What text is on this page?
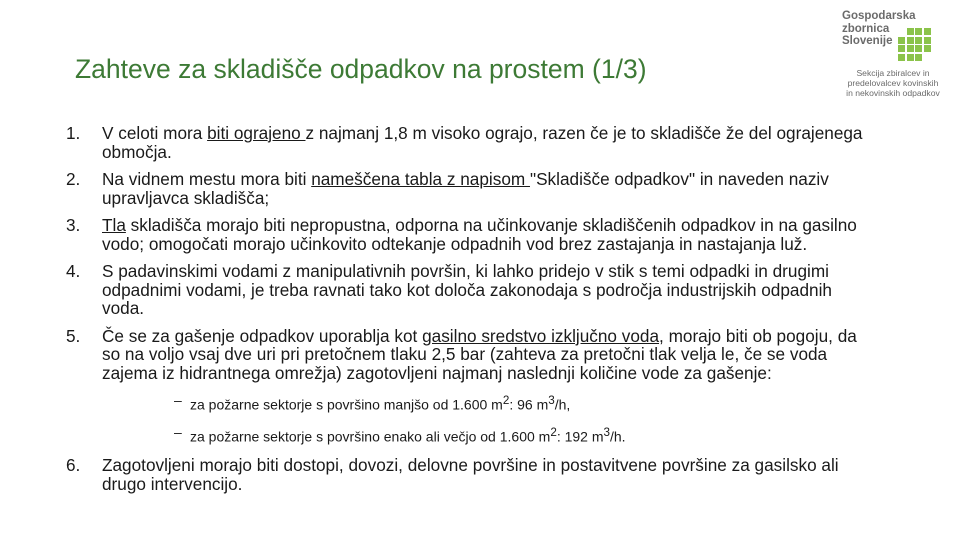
Zahteve za skladišče odpadkov na prostem (1/3)
Gospodarska
zbornica
Slovenije
Sekcija zbiralcev in
predelovalcev kovinskih
in nekovinskih odpadkov
1. V celoti mora biti ograjeno z najmanj 1,8 m visoko ograjo, razen če je to skladišče že del ograjenega območja.
2. Na vidnem mestu mora biti nameščena tabla z napisom "Skladišče odpadkov" in naveden naziv upravljavca skladišča;
3. Tla skladišča morajo biti nepropustna, odporna na učinkovanje skladiščenih odpadkov in na gasilno vodo; omogočati morajo učinkovito odtekanje odpadnih vod brez zastajanja in nastajanja luž.
4. S padavinskimi vodami z manipulativnih površin, ki lahko pridejo v stik s temi odpadki in drugimi odpadnimi vodami, je treba ravnati tako kot določa zakonodaja s področja industrijskih odpadnih voda.
5. Če se za gašenje odpadkov uporablja kot gasilno sredstvo izključno voda, morajo biti ob pogoju, da so na voljo vsaj dve uri pri pretočnem tlaku 2,5 bar (zahteva za pretočni tlak velja le, če se voda zajema iz hidrantnega omrežja) zagotovljeni najmanj naslednji količine vode za gašenje:
– za požarne sektorje s površino manjšo od 1.600 $m^2$: 96 $m^3/h$,
– za požarne sektorje s površino enako ali večjo od 1.600 $m^2$: 192 $m^3/h$.
6. Zagotovljeni morajo biti dostopi, dovozi, delovne površine in postavitvene površine za gasilsko ali drugo intervencijo.
